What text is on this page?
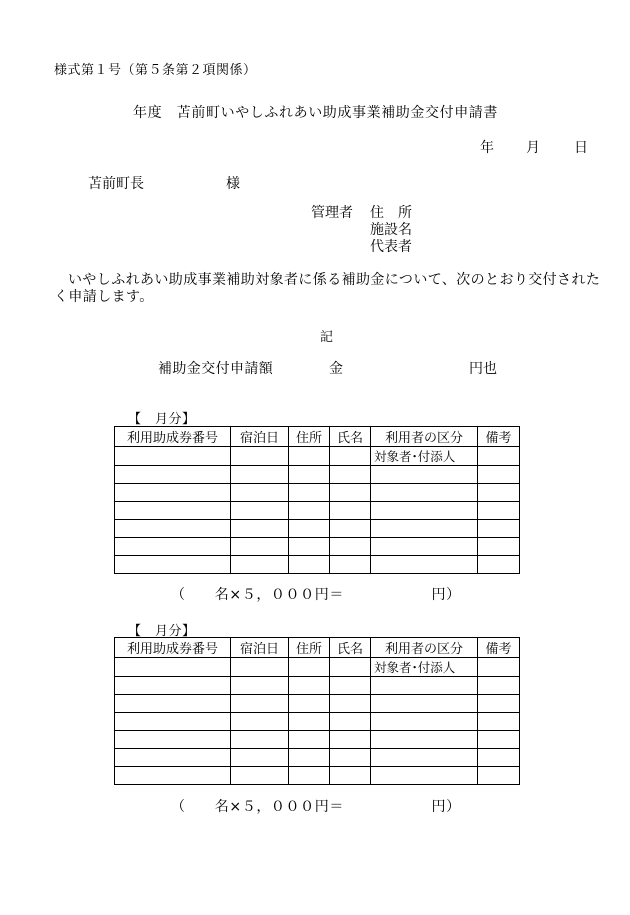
様式第１号（第５条第２項関係）
年度　苫前町いやしふれあい助成事業補助金交付申請書
年 月 日
苫前町長	様
管理者 住　所
施設名
代表者
いやしふれあい助成事業補助対象者に係る補助金について、次のとおり交付されたく申請します。
記
補助金交付申請額	金	円也
【　月分】
利用助成券番号	宿泊日	住所	氏名	利用者の区分	備考
				対象者･付添人	

（　　名×５，０００円＝　　　　　　円）
【　月分】
利用助成券番号	宿泊日	住所	氏名	利用者の区分	備考
				対象者･付添人	

（　　名×５，０００円＝　　　　　　円）
